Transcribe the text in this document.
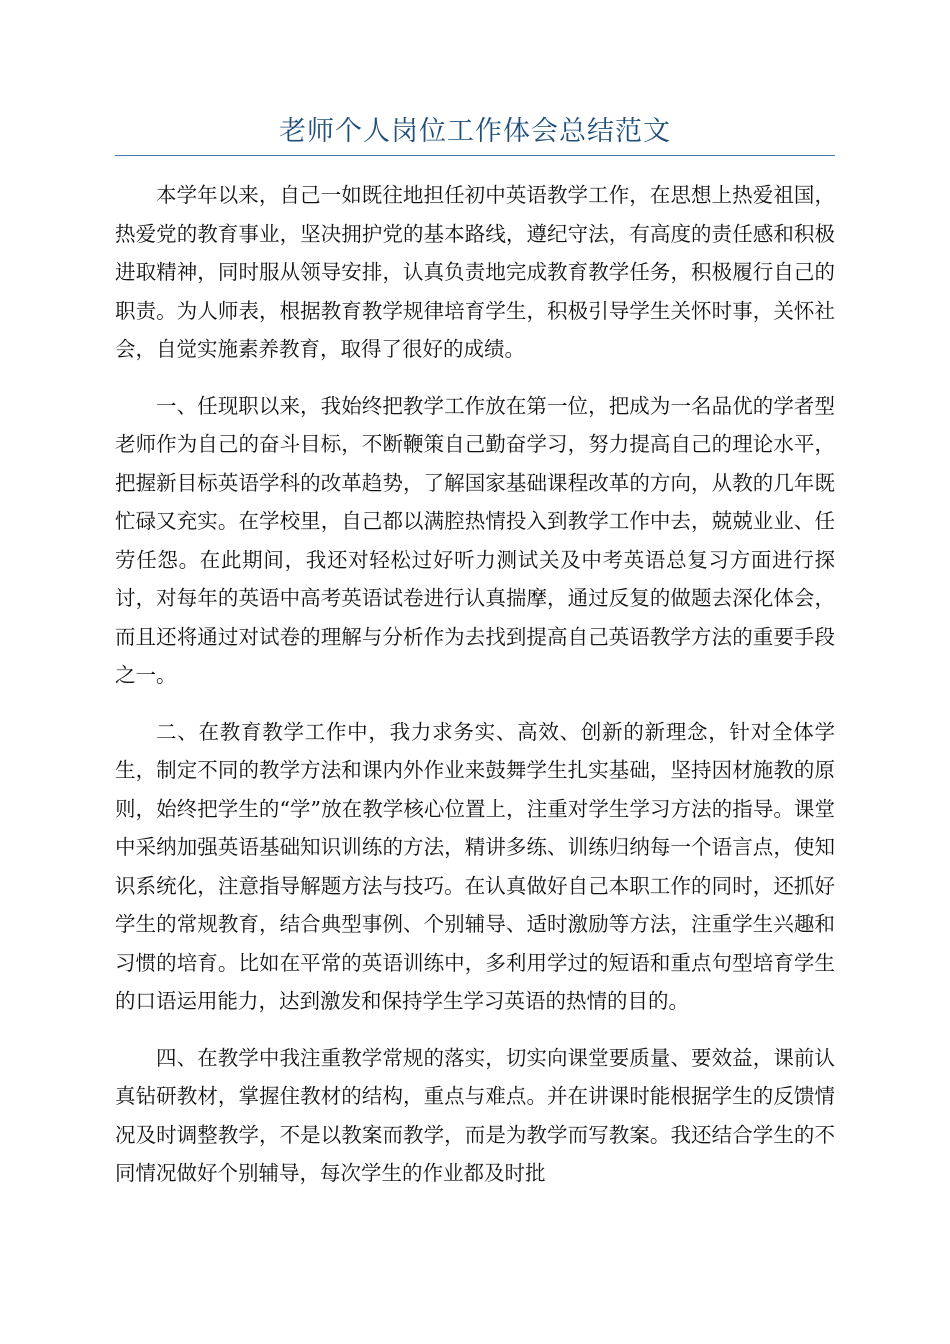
老师个人岗位工作体会总结范文

本学年以来，自己一如既往地担任初中英语教学工作，在思想上热爱祖国，热爱党的教育事业，坚决拥护党的基本路线，遵纪守法，有高度的责任感和积极进取精神，同时服从领导安排，认真负责地完成教育教学任务，积极履行自己的职责。为人师表，根据教育教学规律培育学生，积极引导学生关怀时事，关怀社会，自觉实施素养教育，取得了很好的成绩。

一、任现职以来，我始终把教学工作放在第一位，把成为一名品优的学者型老师作为自己的奋斗目标，不断鞭策自己勤奋学习，努力提高自己的理论水平，把握新目标英语学科的改革趋势，了解国家基础课程改革的方向，从教的几年既忙碌又充实。在学校里，自己都以满腔热情投入到教学工作中去，兢兢业业、任劳任怨。在此期间，我还对轻松过好听力测试关及中考英语总复习方面进行探讨，对每年的英语中高考英语试卷进行认真揣摩，通过反复的做题去深化体会，而且还将通过对试卷的理解与分析作为去找到提高自己英语教学方法的重要手段之一。

二、在教育教学工作中，我力求务实、高效、创新的新理念，针对全体学生，制定不同的教学方法和课内外作业来鼓舞学生扎实基础，坚持因材施教的原则，始终把学生的“学”放在教学核心位置上，注重对学生学习方法的指导。课堂中采纳加强英语基础知识训练的方法，精讲多练、训练归纳每一个语言点，使知识系统化，注意指导解题方法与技巧。在认真做好自己本职工作的同时，还抓好学生的常规教育，结合典型事例、个别辅导、适时激励等方法，注重学生兴趣和习惯的培育。比如在平常的英语训练中，多利用学过的短语和重点句型培育学生的口语运用能力，达到激发和保持学生学习英语的热情的目的。

四、在教学中我注重教学常规的落实，切实向课堂要质量、要效益，课前认真钻研教材，掌握住教材的结构，重点与难点。并在讲课时能根据学生的反馈情况及时调整教学，不是以教案而教学，而是为教学而写教案。我还结合学生的不同情况做好个别辅导，每次学生的作业都及时批
